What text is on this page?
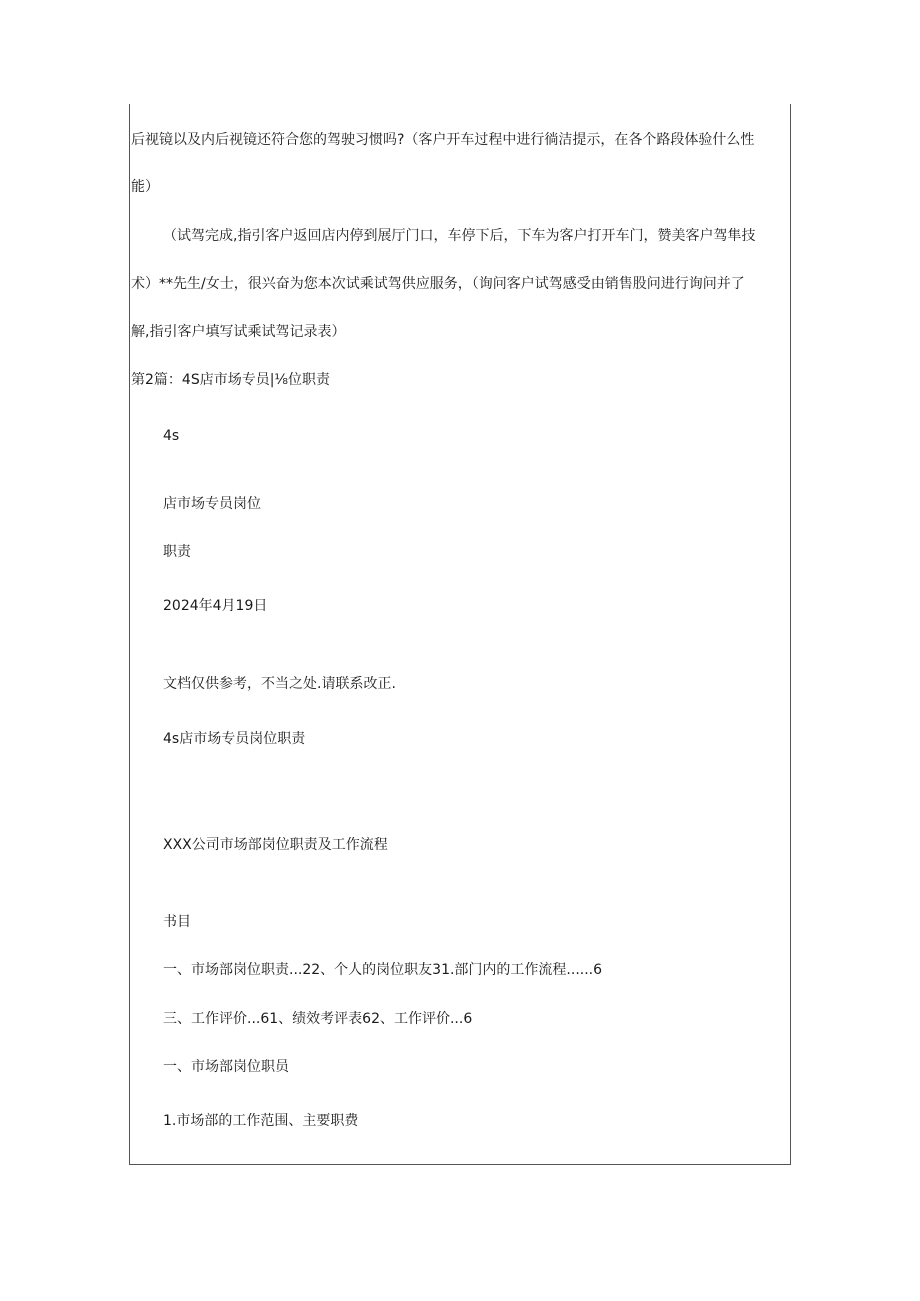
后视镜以及内后视镜还符合您的驾驶习惯吗?（客户开车过程中进行徜洁提示，在各个路段体验什么性
能）
（试驾完成,指引客户返回店内停到展厅门口，车停下后，下车为客户打开车门，赞美客户驾隼技
术）**先生/女士，很兴奋为您本次试乘试驾供应服务，（询问客户试驾感受由销售股问进行询问并了
解,指引客户填写试乘试驾记录表）
第2篇：4S店市场专员|⅛位职责
4s
店市场专员岗位
职责
2024年4月19日
文档仅供参考，不当之处.请联系改正.
4s店市场专员岗位职责
XXX公司市场部岗位职责及工作流程
书目
一、市场部岗位职责...22、个人的岗位职友31.部门内的工作流程......6
三、工作评价...61、绩效考评表62、工作评价...6
一、市场部岗位职员
1.市场部的工作范围、主要职费
